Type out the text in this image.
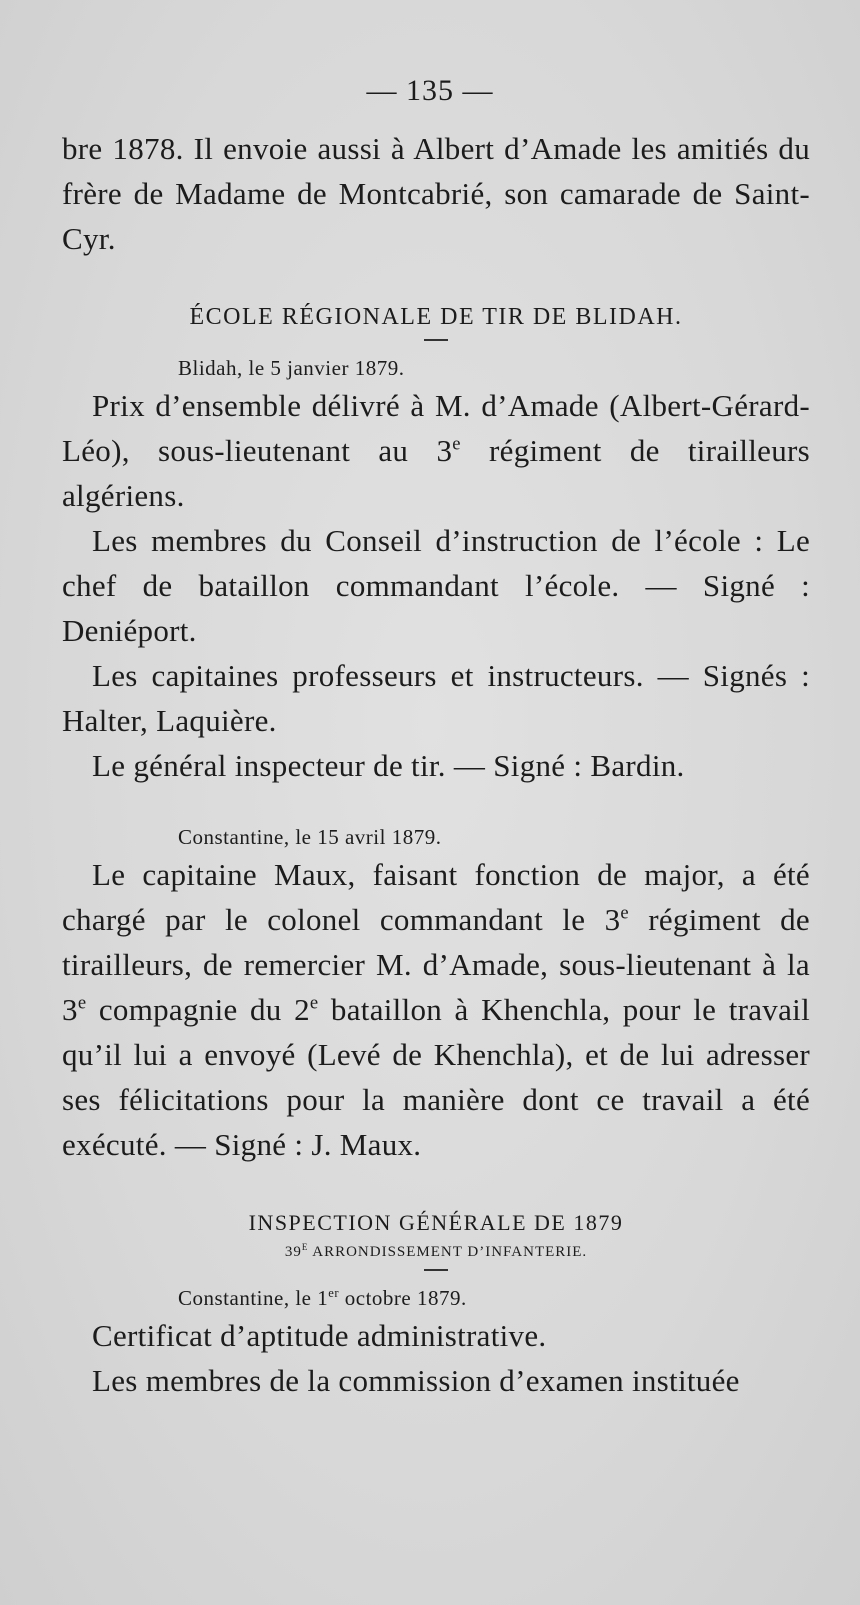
— 135 —

bre 1878. Il envoie aussi à Albert d’Amade les amitiés du frère de Madame de Montcabrié, son camarade de Saint-Cyr.

ÉCOLE RÉGIONALE DE TIR DE BLIDAH.
Blidah, le 5 janvier 1879.

Prix d’ensemble délivré à M. d’Amade (Albert-Gérard-Léo), sous-lieutenant au 3e régiment de tirailleurs algériens.

Les membres du Conseil d’instruction de l’école : Le chef de bataillon commandant l’école. — Signé : Deniéport.

Les capitaines professeurs et instructeurs. — Signés : Halter, Laquière.

Le général inspecteur de tir. — Signé : Bardin.

Constantine, le 15 avril 1879.

Le capitaine Maux, faisant fonction de major, a été chargé par le colonel commandant le 3e régiment de tirailleurs, de remercier M. d’Amade, sous-lieutenant à la 3e compagnie du 2e bataillon à Khenchla, pour le travail qu’il lui a envoyé (Levé de Khenchla), et de lui adresser ses félicitations pour la manière dont ce travail a été exécuté. — Signé : J. Maux.

INSPECTION GÉNÉRALE DE 1879
$39^E$ ARRONDISSEMENT D’INFANTERIE.
Constantine, le 1er octobre 1879.

Certificat d’aptitude administrative.

Les membres de la commission d’examen instituée
